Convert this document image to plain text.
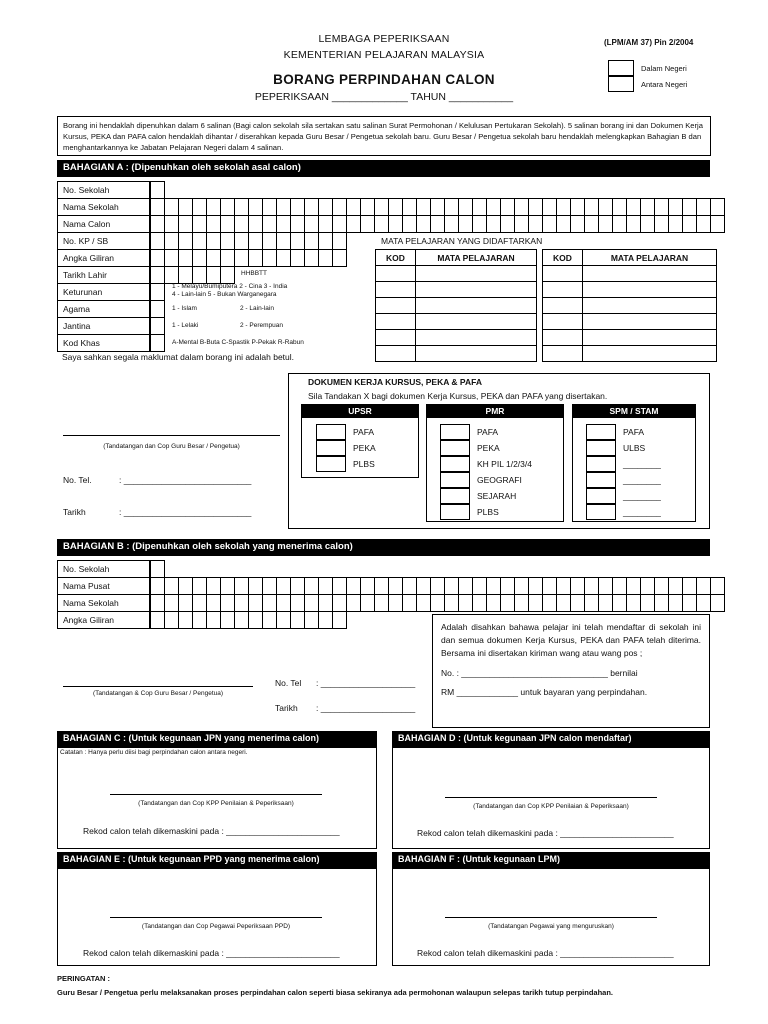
LEMBAGA PEPERIKSAAN
KEMENTERIAN PELAJARAN MALAYSIA
BORANG PERPINDAHAN CALON
PEPERIKSAAN _____________ TAHUN ___________
(LPM/AM 37) Pin 2/2004
Dalam Negeri
Antara Negeri
Borang ini hendaklah dipenuhkan dalam 6 salinan (Bagi calon sekolah sila sertakan satu salinan Surat Permohonan / Kelulusan Pertukaran Sekolah). 5 salinan borang ini dan Dokumen Kerja Kursus, PEKA dan PAFA calon hendaklah dihantar / diserahkan kepada Guru Besar / Pengetua sekolah baru. Guru Besar / Pengetua sekolah baru hendaklah melengkapkan Bahagian B dan menghantarkannya ke Jabatan Pelajaran Negeri dalam 4 salinan.
BAHAGIAN A : (Dipenuhkan oleh sekolah asal calon)
No. Sekolah
Nama Sekolah
Nama Calon
No. KP / SB
Angka Giliran
Tarikh Lahir
Keturunan
Agama
Jantina
Kod Khas
HHBBTT
1 - Melayu/Bumiputera 2 - Cina 3 - India
4 - Lain-lain 5 - Bukan Warganegara
1 - Islam	2 - Lain-lain
1 - Lelaki	2 - Perempuan
A-Mental B-Buta C-Spastik P-Pekak R-Rabun
MATA PELAJARAN YANG DIDAFTARKAN
KOD	MATA PELAJARAN	KOD	MATA PELAJARAN
Saya sahkan segala maklumat dalam borang ini adalah betul.
(Tandatangan dan Cop Guru Besar / Pengetua)
No. Tel.	: ___________________________
Tarikh	: ___________________________
DOKUMEN KERJA KURSUS, PEKA & PAFA
Sila Tandakan X bagi dokumen Kerja Kursus, PEKA dan PAFA yang disertakan.
UPSR
PAFA
PEKA
PLBS
PMR
PAFA
PEKA
KH PIL 1/2/3/4
GEOGRAFI
SEJARAH
PLBS
SPM / STAM
PAFA
ULBS
________
________
________
________
BAHAGIAN B : (Dipenuhkan oleh sekolah yang menerima calon)
No. Sekolah
Nama Pusat
Nama Sekolah
Angka Giliran
Adalah disahkan bahawa pelajar ini telah mendaftar di sekolah ini dan semua dokumen Kerja Kursus, PEKA dan PAFA telah diterima. Bersama ini disertakan kiriman wang atau wang pos ;
No. : _______________________________ bernilai
RM _____________ untuk bayaran yang perpindahan.
(Tandatangan & Cop Guru Besar / Pengetua)
No. Tel : ____________________
Tarikh : ____________________
BAHAGIAN C : (Untuk kegunaan JPN yang menerima calon)
Catatan : Hanya perlu diisi bagi perpindahan calon antara negeri.
(Tandatangan dan Cop KPP Penilaian & Peperiksaan)
Rekod calon telah dikemaskini pada : ________________________
BAHAGIAN D : (Untuk kegunaan JPN calon mendaftar)
(Tandatangan dan Cop KPP Penilaian & Peperiksaan)
Rekod calon telah dikemaskini pada : ________________________
BAHAGIAN E : (Untuk kegunaan PPD yang menerima calon)
(Tandatangan dan Cop Pegawai Peperiksaan PPD)
Rekod calon telah dikemaskini pada : ________________________
BAHAGIAN F : (Untuk kegunaan LPM)
(Tandatangan Pegawai yang menguruskan)
Rekod calon telah dikemaskini pada : ________________________
PERINGATAN :
Guru Besar / Pengetua perlu melaksanakan proses perpindahan calon seperti biasa sekiranya ada permohonan walaupun selepas tarikh tutup perpindahan.
